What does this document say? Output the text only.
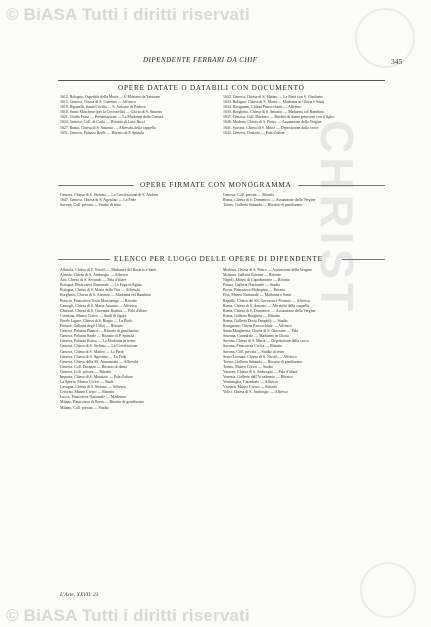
© BiASA Tutti i diritti riservati
© BiASA Tutti i diritti riservati
CHRIST
DIPENDENTE FERRARI DA CHIF	345
OPERE DATATE O DATABILI CON DOCUMENTO

1612. Bologna, Ospedale della Morte — Il Mariano da Vattuone

1615. Genova, Chiesa di S. Caterina — Affresco

1619. Ripanelli, Santa Cecilia — S. Antonio di Padova

1618. Santo Marchese (per la Coccorella) — Gloria di S. Antonio

1621. Giulio Prasa — Presentazione — La Madonna della Cintura

1624. Genova, Coll. di Carlo — Ritratto di Luca Ricci

1627. Roma, Chiesa di S. Antonio — Affreschi della cappella

1631. Genova, Palazzo Reale — Ritratto di P. Spinola

1632. Genova, Chiesa di S. Matteo — La Pietà con S. Girolamo

1633. Bologna, Chiesa di S. Maria — Madonna in Gloria e Santi

1634. Rosignano, Chiesa Parrocchiale — Affresco

1635. Borghetto, Chiesa di S. Antonio — Madonna col Bambino

1637. Genova, Coll. Durazzo — Ritratto di dama genovese con il figlio

1640. Modena, Chiesa di S. Pietro — Assunzione della Vergine

1641. Savona, Chiesa di S. Maria — Deposizione dalla croce

1642. Genova, Oratorio — Pala d'altare

OPERE FIRMATE CON MONOGRAMMA

Genova, Chiesa di S. Stefano — La Crocifissione di S. Andrea

1647. Genova, Chiesa di S. Agostino — La Fede

Savona, Coll. privata — Studio di teste

Genova, Coll. privata — Ritratto

Roma, Chiesa di S. Domenico — Assunzione della Vergine

Torino, Galleria Sabauda — Ritratto di gentiluomo

ELENCO PER LUOGO DELLE OPERE DI DIPENDENTE

Albisola, Chiesa di S. Nicolò — Madonna del Rosario e Santi

Alassio, Chiesa di S. Ambrogio — Affresco

Asti, Chiesa di S. Secondo — Pala d'altare

Bologna, Pinacoteca Nazionale — La Fuga in Egitto

Bologna, Chiesa di S. Maria della Vita — Affreschi

Borghetto, Chiesa di S. Antonio — Madonna col Bambino

Brescia, Pinacoteca Tosio Martinengo — Ritratto

Camogli, Chiesa di S. Maria Assunta — Affresco

Chiavari, Chiesa di S. Giovanni Battista — Pala d'altare

Cremona, Museo Civico — Studi di figure

Finale Ligure, Chiesa di S. Biagio — La Pietà

Firenze, Galleria degli Uffizi — Ritratto

Genova, Palazzo Bianco — Ritratto di gentiluomo

Genova, Palazzo Reale — Ritratto di P. Spinola

Genova, Palazzo Rosso — La Madonna in trono

Genova, Chiesa di S. Stefano — La Crocifissione

Genova, Chiesa di S. Matteo — La Pietà

Genova, Chiesa di S. Agostino — La Fede

Genova, Chiesa della SS. Annunziata — Affreschi

Genova, Coll. Durazzo — Ritratto di dama

Genova, Coll. privata — Ritratto

Imperia, Chiesa di S. Maurizio — Pala d'altare

La Spezia, Museo Civico — Studi

Lavagna, Chiesa di S. Stefano — Affresco

Livorno, Museo Civico — Ritratto

Lucca, Pinacoteca Nazionale — Madonna

Milano, Pinacoteca di Brera — Ritratto di gentiluomo

Milano, Coll. privata — Studio

Modena, Chiesa di S. Pietro — Assunzione della Vergine

Modena, Galleria Estense — Ritratto

Napoli, Museo di Capodimonte — Ritratto

Parma, Galleria Nazionale — Studio

Pavia, Pinacoteca Malaspina — Ritratto

Pisa, Museo Nazionale — Madonna e Santi

Rapallo, Chiesa dei SS. Gervasio e Protasio — Affresco

Roma, Chiesa di S. Antonio — Affreschi della cappella

Roma, Chiesa di S. Domenico — Assunzione della Vergine

Roma, Galleria Borghese — Ritratto

Roma, Galleria Doria Pamphilj — Studio

Rosignano, Chiesa Parrocchiale — Affresco

Santa Margherita, Chiesa di S. Giacomo — Pala

Sarzana, Cattedrale — Madonna in Gloria

Savona, Chiesa di S. Maria — Deposizione dalla croce

Savona, Pinacoteca Civica — Ritratto

Savona, Coll. privata — Studio di teste

Sestri Levante, Chiesa di S. Nicolò — Affresco

Torino, Galleria Sabauda — Ritratto di gentiluomo

Torino, Museo Civico — Studio

Varazze, Chiesa di S. Ambrogio — Pala d'altare

Venezia, Gallerie dell'Accademia — Ritratto

Ventimiglia, Cattedrale — Affresco

Vicenza, Museo Civico — Ritratto

Voltri, Chiesa di S. Ambrogio — Affresco

L'Arte. XXVII. 23
